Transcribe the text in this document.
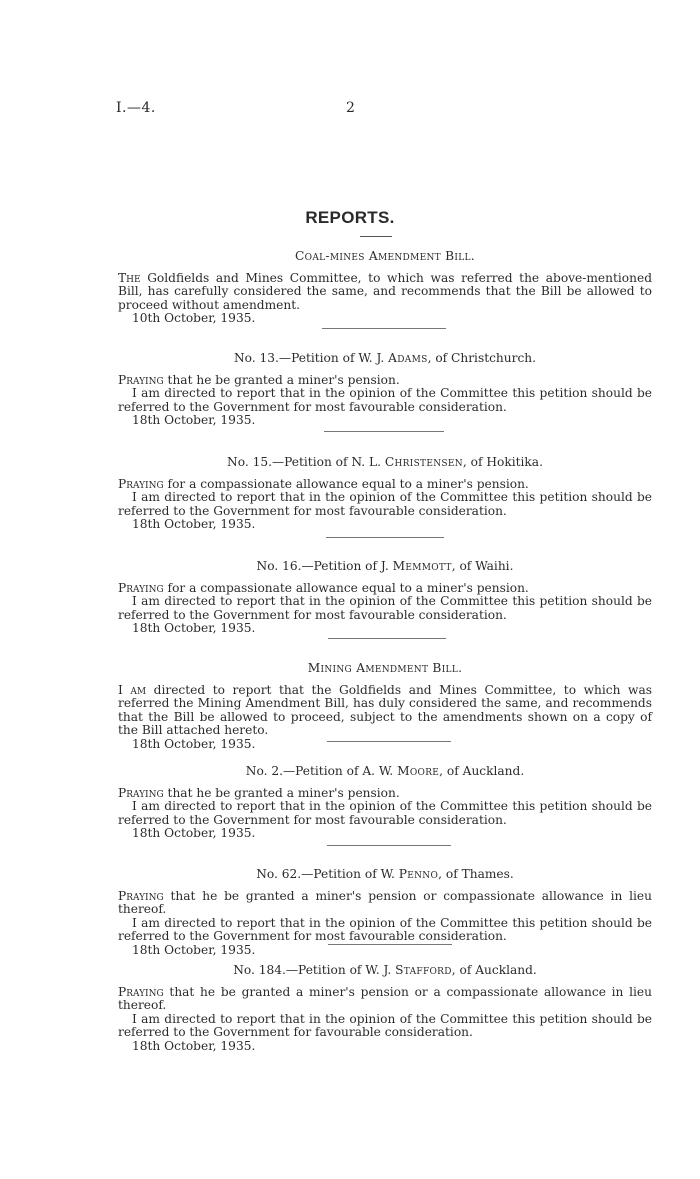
I.—4.	2
REPORTS.
Coal-mines Amendment Bill.

The Goldfields and Mines Committee, to which was referred the above-mentioned Bill, has carefully considered the same, and recommends that the Bill be allowed to proceed without amendment.

10th October, 1935.

No. 13.—Petition of W. J. Adams, of Christchurch.

Praying that he be granted a miner's pension.

I am directed to report that in the opinion of the Committee this petition should be referred to the Government for most favourable consideration.

18th October, 1935.

No. 15.—Petition of N. L. Christensen, of Hokitika.

Praying for a compassionate allowance equal to a miner's pension.

I am directed to report that in the opinion of the Committee this petition should be referred to the Government for most favourable consideration.

18th October, 1935.

No. 16.—Petition of J. Memmott, of Waihi.

Praying for a compassionate allowance equal to a miner's pension.

I am directed to report that in the opinion of the Committee this petition should be referred to the Government for most favourable consideration.

18th October, 1935.

Mining Amendment Bill.

I am directed to report that the Goldfields and Mines Committee, to which was referred the Mining Amendment Bill, has duly considered the same, and recommends that the Bill be allowed to proceed, subject to the amendments shown on a copy of the Bill attached hereto.

18th October, 1935.

No. 2.—Petition of A. W. Moore, of Auckland.

Praying that he be granted a miner's pension.

I am directed to report that in the opinion of the Committee this petition should be referred to the Government for most favourable consideration.

18th October, 1935.

No. 62.—Petition of W. Penno, of Thames.

Praying that he be granted a miner's pension or compassionate allowance in lieu thereof.

I am directed to report that in the opinion of the Committee this petition should be referred to the Government for most favourable consideration.

18th October, 1935.

No. 184.—Petition of W. J. Stafford, of Auckland.

Praying that he be granted a miner's pension or a compassionate allowance in lieu thereof.

I am directed to report that in the opinion of the Committee this petition should be referred to the Government for favourable consideration.

18th October, 1935.
